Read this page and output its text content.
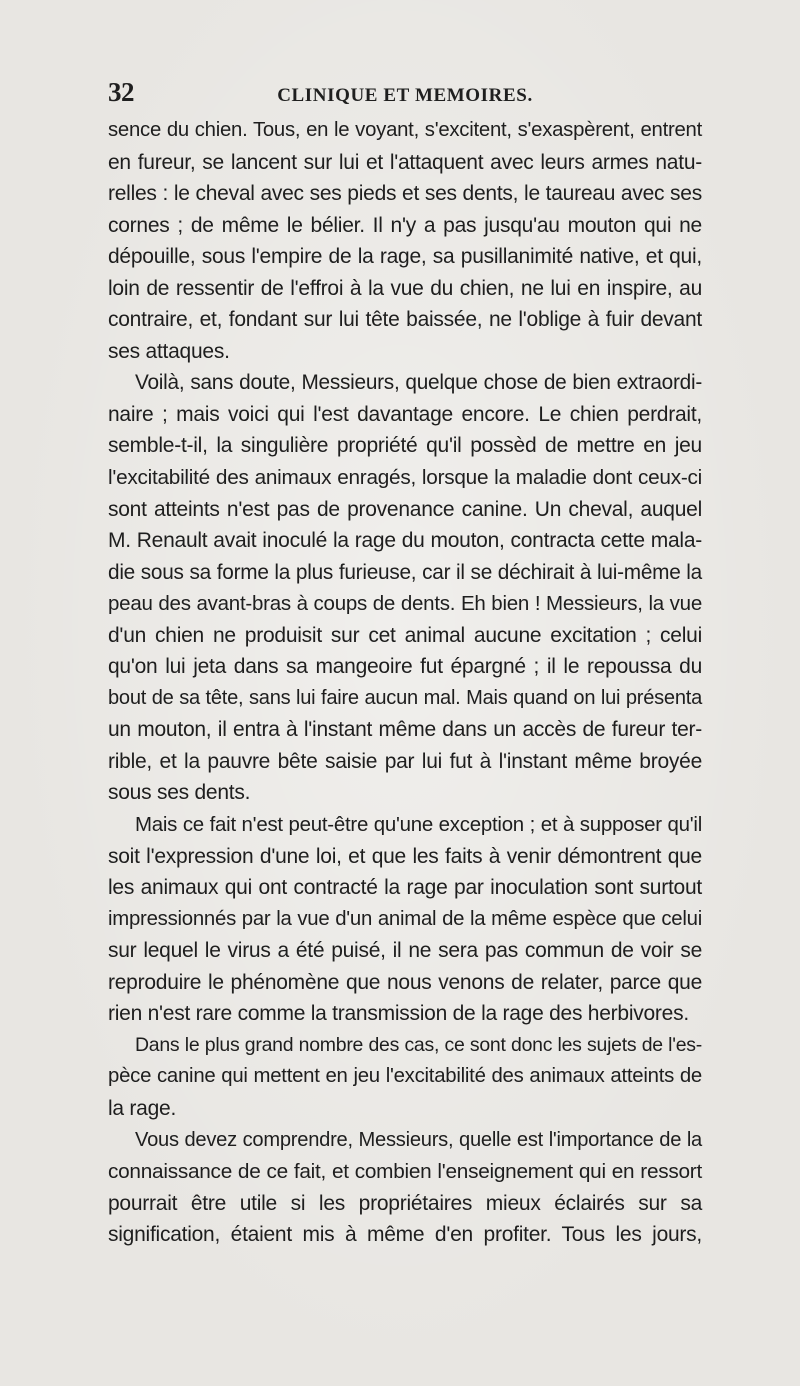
32	CLINIQUE ET MEMOIRES.

sence du chien. Tous, en le voyant, s'excitent, s'exaspèrent, entrent
en fureur, se lancent sur lui et l'attaquent avec leurs armes natu-
relles : le cheval avec ses pieds et ses dents, le taureau avec ses
cornes ; de même le bélier. Il n'y a pas jusqu'au mouton qui ne
dépouille, sous l'empire de la rage, sa pusillanimité native, et qui,
loin de ressentir de l'effroi à la vue du chien, ne lui en inspire, au
contraire, et, fondant sur lui tête baissée, ne l'oblige à fuir devant
ses attaques.

Voilà, sans doute, Messieurs, quelque chose de bien extraordi-
naire ; mais voici qui l'est davantage encore. Le chien perdrait,
semble-t-il, la singulière propriété qu'il possèd de mettre en jeu
l'excitabilité des animaux enragés, lorsque la maladie dont ceux-ci
sont atteints n'est pas de provenance canine. Un cheval, auquel
M. Renault avait inoculé la rage du mouton, contracta cette mala-
die sous sa forme la plus furieuse, car il se déchirait à lui-même la
peau des avant-bras à coups de dents. Eh bien ! Messieurs, la vue
d'un chien ne produisit sur cet animal aucune excitation ; celui
qu'on lui jeta dans sa mangeoire fut épargné ; il le repoussa du
bout de sa tête, sans lui faire aucun mal. Mais quand on lui présenta
un mouton, il entra à l'instant même dans un accès de fureur ter-
rible, et la pauvre bête saisie par lui fut à l'instant même broyée
sous ses dents.

Mais ce fait n'est peut-être qu'une exception ; et à supposer qu'il
soit l'expression d'une loi, et que les faits à venir démontrent que
les animaux qui ont contracté la rage par inoculation sont surtout
impressionnés par la vue d'un animal de la même espèce que celui
sur lequel le virus a été puisé, il ne sera pas commun de voir se
reproduire le phénomène que nous venons de relater, parce que
rien n'est rare comme la transmission de la rage des herbivores.

Dans le plus grand nombre des cas, ce sont donc les sujets de l'es-
pèce canine qui mettent en jeu l'excitabilité des animaux atteints de
la rage.

Vous devez comprendre, Messieurs, quelle est l'importance de la
connaissance de ce fait, et combien l'enseignement qui en ressort
pourrait être utile si les propriétaires mieux éclairés sur sa
signification, étaient mis à même d'en profiter. Tous les jours,
